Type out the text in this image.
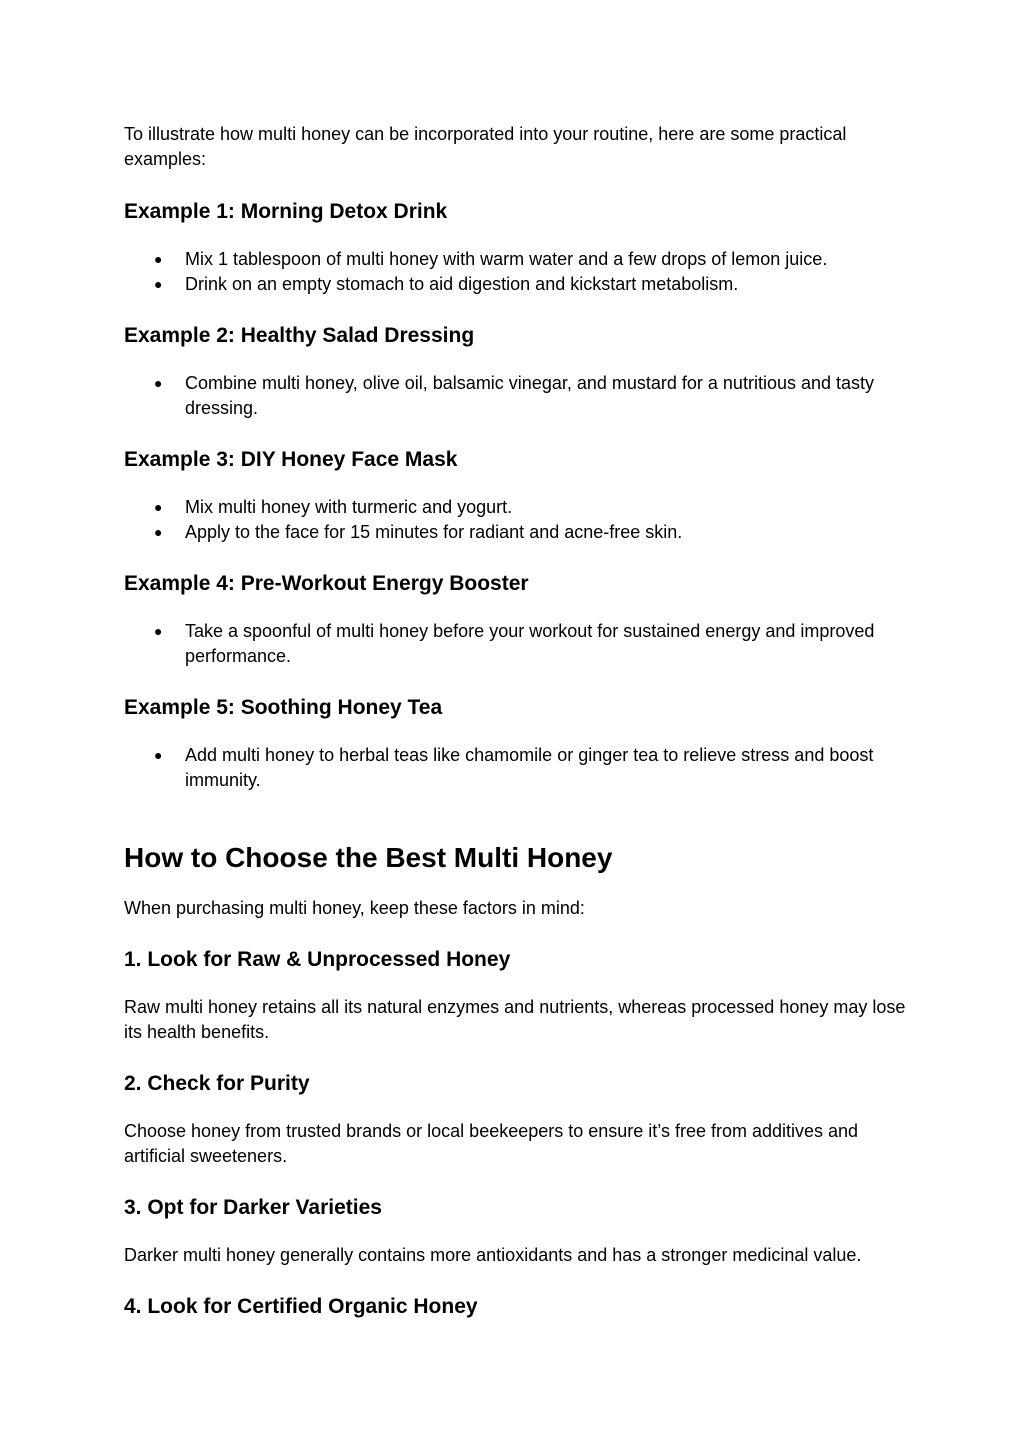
To illustrate how multi honey can be incorporated into your routine, here are some practical examples:

Example 1: Morning Detox Drink
● Mix 1 tablespoon of multi honey with warm water and a few drops of lemon juice.
● Drink on an empty stomach to aid digestion and kickstart metabolism.
Example 2: Healthy Salad Dressing
● Combine multi honey, olive oil, balsamic vinegar, and mustard for a nutritious and tasty dressing.
Example 3: DIY Honey Face Mask
● Mix multi honey with turmeric and yogurt.
● Apply to the face for 15 minutes for radiant and acne-free skin.
Example 4: Pre-Workout Energy Booster
● Take a spoonful of multi honey before your workout for sustained energy and improved performance.
Example 5: Soothing Honey Tea
● Add multi honey to herbal teas like chamomile or ginger tea to relieve stress and boost immunity.
How to Choose the Best Multi Honey

When purchasing multi honey, keep these factors in mind:

1. Look for Raw & Unprocessed Honey

Raw multi honey retains all its natural enzymes and nutrients, whereas processed honey may lose its health benefits.

2. Check for Purity

Choose honey from trusted brands or local beekeepers to ensure it’s free from additives and artificial sweeteners.

3. Opt for Darker Varieties

Darker multi honey generally contains more antioxidants and has a stronger medicinal value.

4. Look for Certified Organic Honey
